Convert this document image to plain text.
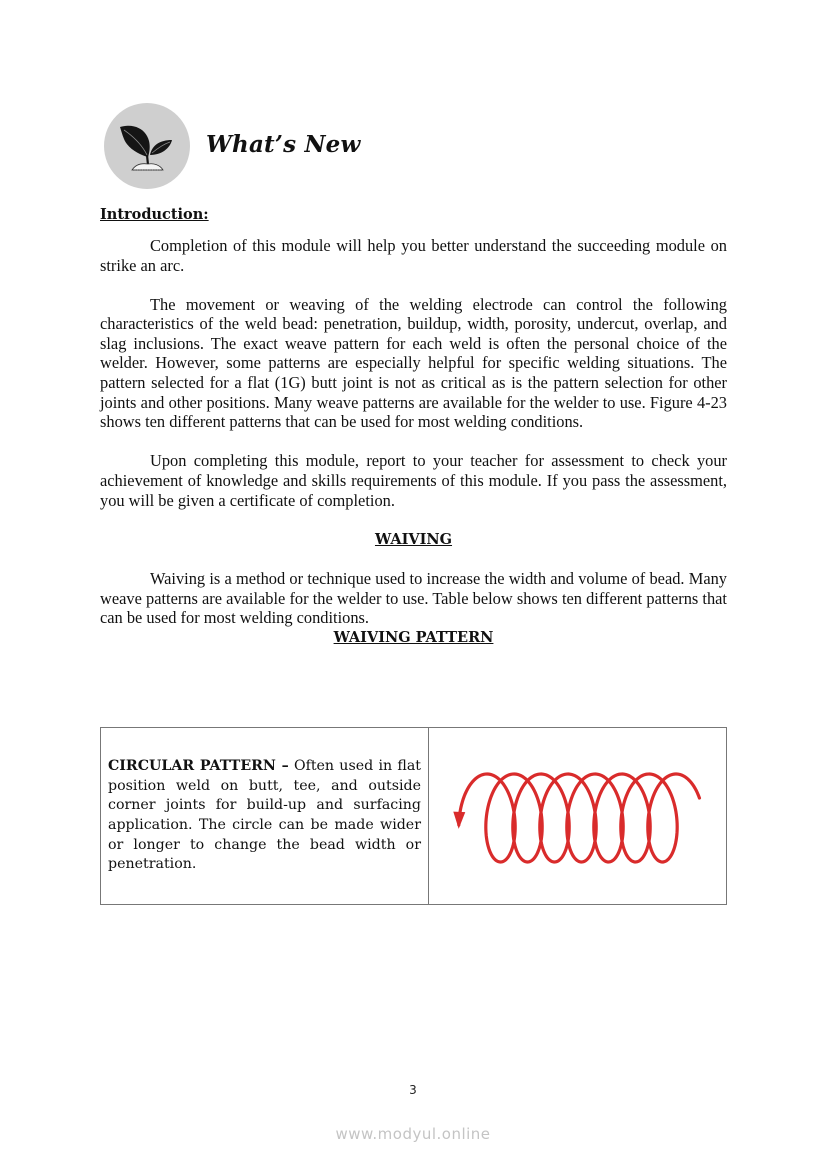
What’s New
Introduction:

Completion of this module will help you better understand the succeeding module on strike an arc.

The movement or weaving of the welding electrode can control the following characteristics of the weld bead: penetration, buildup, width, porosity, undercut, overlap, and slag inclusions. The exact weave pattern for each weld is often the personal choice of the welder. However, some patterns are especially helpful for specific welding situations. The pattern selected for a flat (1G) butt joint is not as critical as is the pattern selection for other joints and other positions. Many weave patterns are available for the welder to use. Figure 4-23 shows ten different patterns that can be used for most welding conditions.

Upon completing this module, report to your teacher for assessment to check your achievement of knowledge and skills requirements of this module. If you pass the assessment, you will be given a certificate of completion.

WAIVING

Waiving is a method or technique used to increase the width and volume of bead. Many weave patterns are available for the welder to use. Table below shows ten different patterns that can be used for most welding conditions.

WAIVING PATTERN
CIRCULAR PATTERN – Often used in flat position weld on butt, tee, and outside corner joints for build-up and surfacing application. The circle can be made wider or longer to change the bead width or penetration.

3
www.modyul.online
